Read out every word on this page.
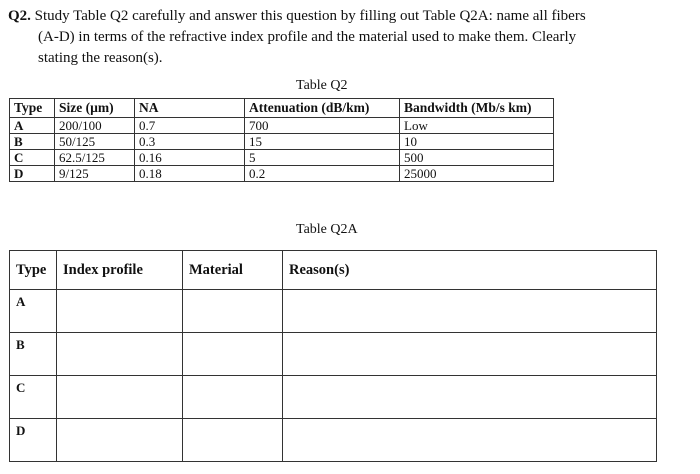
Q2. Study Table Q2 carefully and answer this question by filling out Table Q2A: name all fibers
(A-D) in terms of the refractive index profile and the material used to make them. Clearly
stating the reason(s).
Table Q2
Type	Size (µm)	NA	Attenuation (dB/km)	Bandwidth (Mb/s km)
A	200/100	0.7	700	Low
B	50/125	0.3	15	10
C	62.5/125	0.16	5	500
D	9/125	0.18	0.2	25000
Table Q2A
Type	Index profile	Material	Reason(s)
A			
B			
C			
D			
